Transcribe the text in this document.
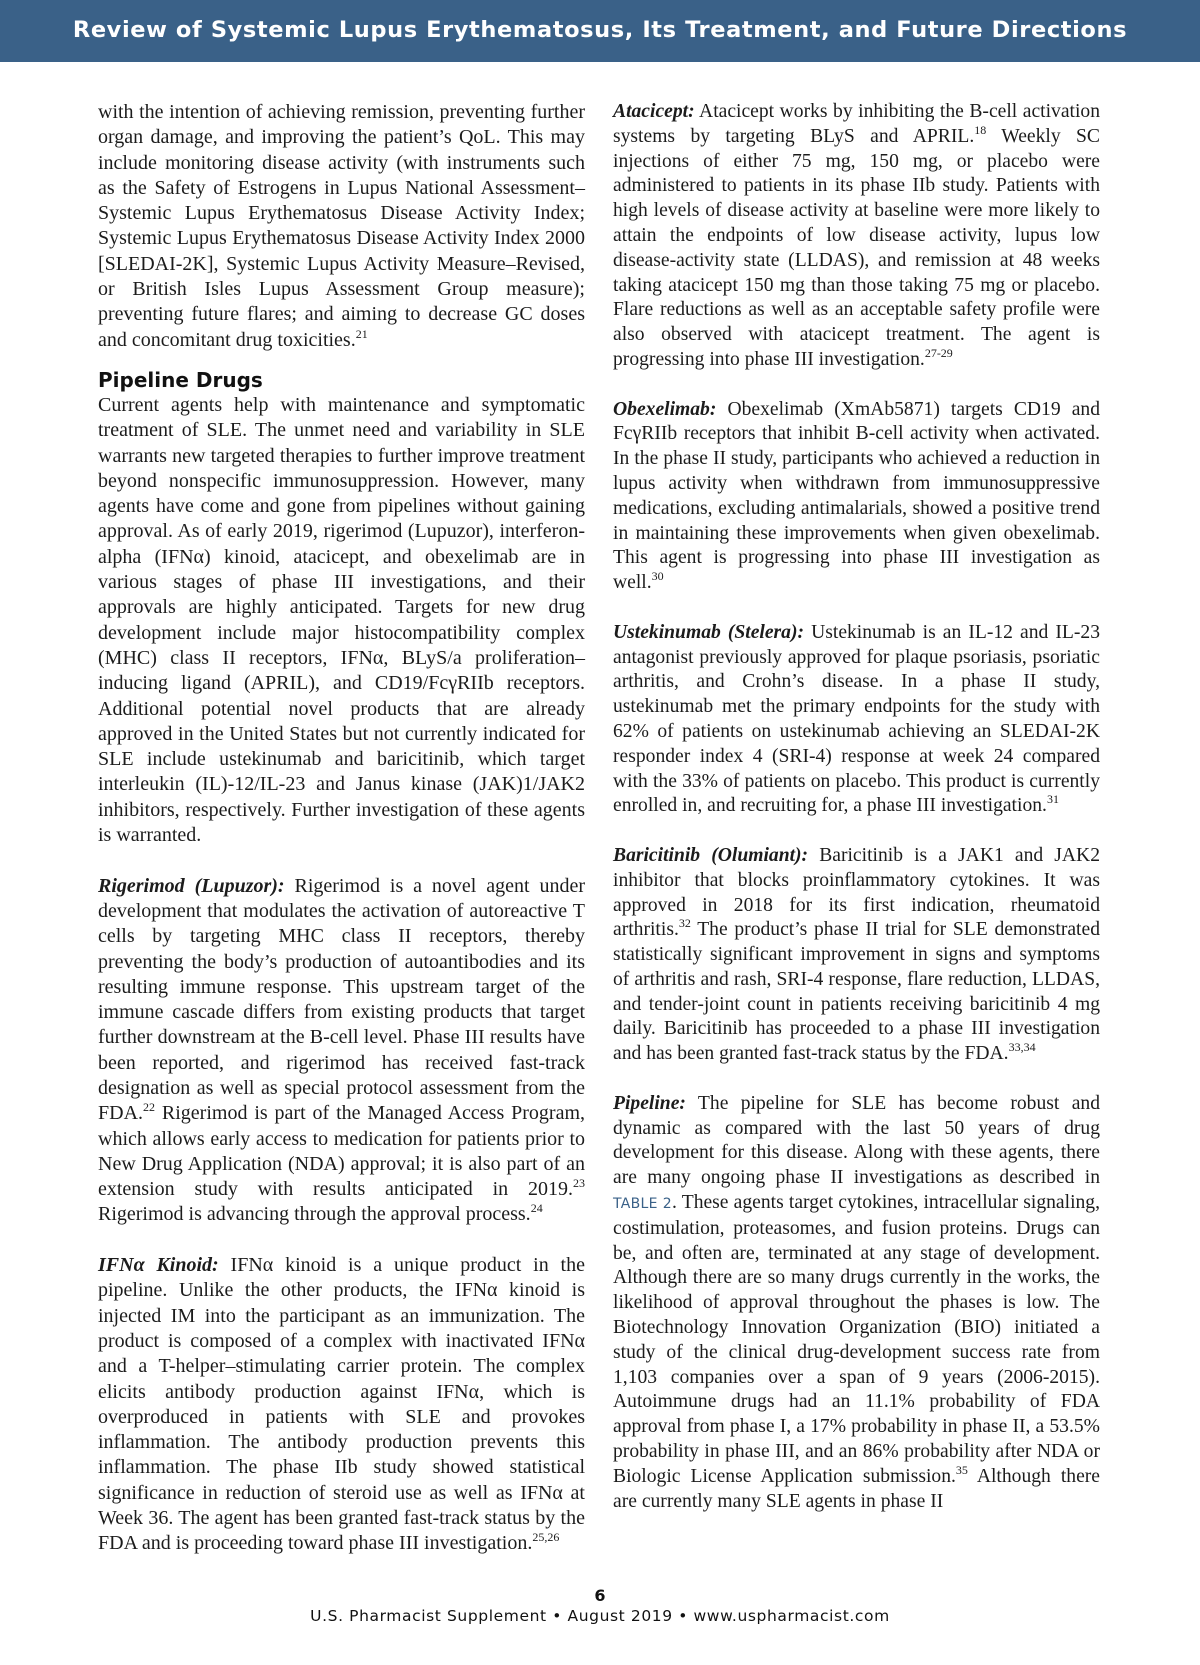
Review of Systemic Lupus Erythematosus, Its Treatment, and Future Directions

with the intention of achieving remission, preventing further organ damage, and improving the patient’s QoL. This may include monitoring disease activity (with instruments such as the Safety of Estrogens in Lupus National Assessment–Systemic Lupus Erythematosus Disease Activity Index; Systemic Lupus Erythematosus Disease Activity Index 2000 [SLEDAI-2K], Systemic Lupus Activity Measure–Revised, or British Isles Lupus Assessment Group measure); preventing future flares; and aiming to decrease GC doses and concomitant drug toxicities.$^{21}$

Pipeline Drugs

Current agents help with maintenance and symptomatic treatment of SLE. The unmet need and variability in SLE warrants new targeted therapies to further improve treatment beyond nonspecific immunosuppression. However, many agents have come and gone from pipelines without gaining approval. As of early 2019, rigerimod (Lupuzor), interferon-alpha (IFNα) kinoid, atacicept, and obexelimab are in various stages of phase III investigations, and their approvals are highly anticipated. Targets for new drug development include major histocompatibility complex (MHC) class II receptors, IFNα, BLyS/a proliferation–inducing ligand (APRIL), and CD19/FcγRIIb receptors. Additional potential novel products that are already approved in the United States but not currently indicated for SLE include ustekinumab and baricitinib, which target interleukin (IL)-12/IL-23 and Janus kinase (JAK)1/JAK2 inhibitors, respectively. Further investigation of these agents is warranted.

Rigerimod (Lupuzor): Rigerimod is a novel agent under development that modulates the activation of autoreactive T cells by targeting MHC class II receptors, thereby preventing the body’s production of autoantibodies and its resulting immune response. This upstream target of the immune cascade differs from existing products that target further downstream at the B-cell level. Phase III results have been reported, and rigerimod has received fast-track designation as well as special protocol assessment from the FDA.$^{22}$ Rigerimod is part of the Managed Access Program, which allows early access to medication for patients prior to New Drug Application (NDA) approval; it is also part of an extension study with results anticipated in 2019.23 Rigerimod is advancing through the approval process.$^{24}$

IFNα Kinoid: IFNα kinoid is a unique product in the pipeline. Unlike the other products, the IFNα kinoid is injected IM into the participant as an immunization. The product is composed of a complex with inactivated IFNα and a T-helper–stimulating carrier protein. The complex elicits antibody production against IFNα, which is overproduced in patients with SLE and provokes inflammation. The antibody production prevents this inflammation. The phase IIb study showed statistical significance in reduction of steroid use as well as IFNα at Week 36. The agent has been granted fast-track status by the FDA and is proceeding toward phase III investigation.$^{25,26}$

Atacicept: Atacicept works by inhibiting the B-cell activation systems by targeting BLyS and APRIL.$^{18}$ Weekly SC injections of either 75 mg, 150 mg, or placebo were administered to patients in its phase IIb study. Patients with high levels of disease activity at baseline were more likely to attain the endpoints of low disease activity, lupus low disease-activity state (LLDAS), and remission at 48 weeks taking atacicept 150 mg than those taking 75 mg or placebo. Flare reductions as well as an acceptable safety profile were also observed with atacicept treatment. The agent is progressing into phase III investigation.$^{27-29}$

Obexelimab: Obexelimab (XmAb5871) targets CD19 and FcγRIIb receptors that inhibit B-cell activity when activated. In the phase II study, participants who achieved a reduction in lupus activity when withdrawn from immunosuppressive medications, excluding antimalarials, showed a positive trend in maintaining these improvements when given obexelimab. This agent is progressing into phase III investigation as well.$^{30}$

Ustekinumab (Stelera): Ustekinumab is an IL-12 and IL-23 antagonist previously approved for plaque psoriasis, psoriatic arthritis, and Crohn’s disease. In a phase II study, ustekinumab met the primary endpoints for the study with 62% of patients on ustekinumab achieving an SLEDAI-2K responder index 4 (SRI-4) response at week 24 compared with the 33% of patients on placebo. This product is currently enrolled in, and recruiting for, a phase III investigation.$^{31}$

Baricitinib (Olumiant): Baricitinib is a JAK1 and JAK2 inhibitor that blocks proinflammatory cytokines. It was approved in 2018 for its first indication, rheumatoid arthritis.$^{32}$ The product’s phase II trial for SLE demonstrated statistically significant improvement in signs and symptoms of arthritis and rash, SRI-4 response, flare reduction, LLDAS, and tender-joint count in patients receiving baricitinib 4 mg daily. Baricitinib has proceeded to a phase III investigation and has been granted fast-track status by the FDA.$^{33,34}$

Pipeline: The pipeline for SLE has become robust and dynamic as compared with the last 50 years of drug development for this disease. Along with these agents, there are many ongoing phase II investigations as described in TABLE 2. These agents target cytokines, intracellular signaling, costimulation, proteasomes, and fusion proteins. Drugs can be, and often are, terminated at any stage of development. Although there are so many drugs currently in the works, the likelihood of approval throughout the phases is low. The Biotechnology Innovation Organization (BIO) initiated a study of the clinical drug-development success rate from 1,103 companies over a span of 9 years (2006-2015). Autoimmune drugs had an 11.1% probability of FDA approval from phase I, a 17% probability in phase II, a 53.5% probability in phase III, and an 86% probability after NDA or Biologic License Application submission.$^{35}$ Although there are currently many SLE agents in phase II

6
U.S. Pharmacist Supplement • August 2019 • www.uspharmacist.com
